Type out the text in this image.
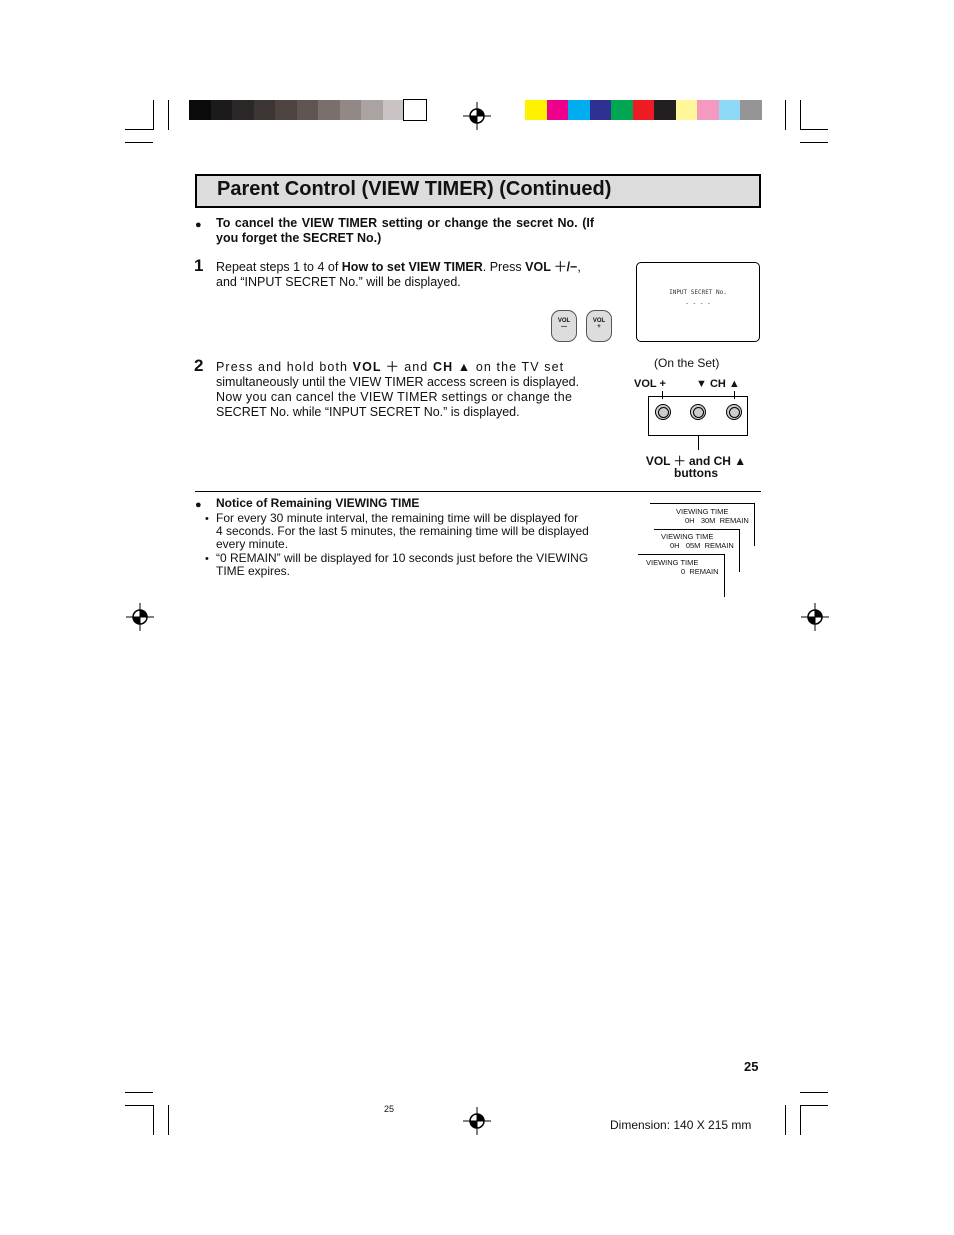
Parent Control (VIEW TIMER) (Continued)
● To cancel the VIEW TIMER setting or change the secret No. (If you forget the SECRET No.)
1 Repeat steps 1 to 4 of How to set VIEW TIMER. Press VOL ＋/−,
and “INPUT SECRET No.” will be displayed.
VOL
—
VOL
+
INPUT SECRET No.
- - - -
2 Press and hold both VOL ＋ and CH ▲ on the TV set
simultaneously until the VIEW TIMER access screen is displayed.
Now you can cancel the VIEW TIMER settings or change the
SECRET No. while “INPUT SECRET No.” is displayed.
(On the Set)
VOL +	▼ CH ▲
VOL ＋ and CH ▲
buttons
● Notice of Remaining VIEWING TIME
• For every 30 minute interval, the remaining time will be displayed for
4 seconds. For the last 5 minutes, the remaining time will be displayed
every minute.
• “0 REMAIN” will be displayed for 10 seconds just before the VIEWING
TIME expires.
VIEWING TIME
0H   30M  REMAIN
VIEWING TIME
0H   05M  REMAIN
VIEWING TIME
0  REMAIN
25
25
Dimension: 140 X 215 mm
